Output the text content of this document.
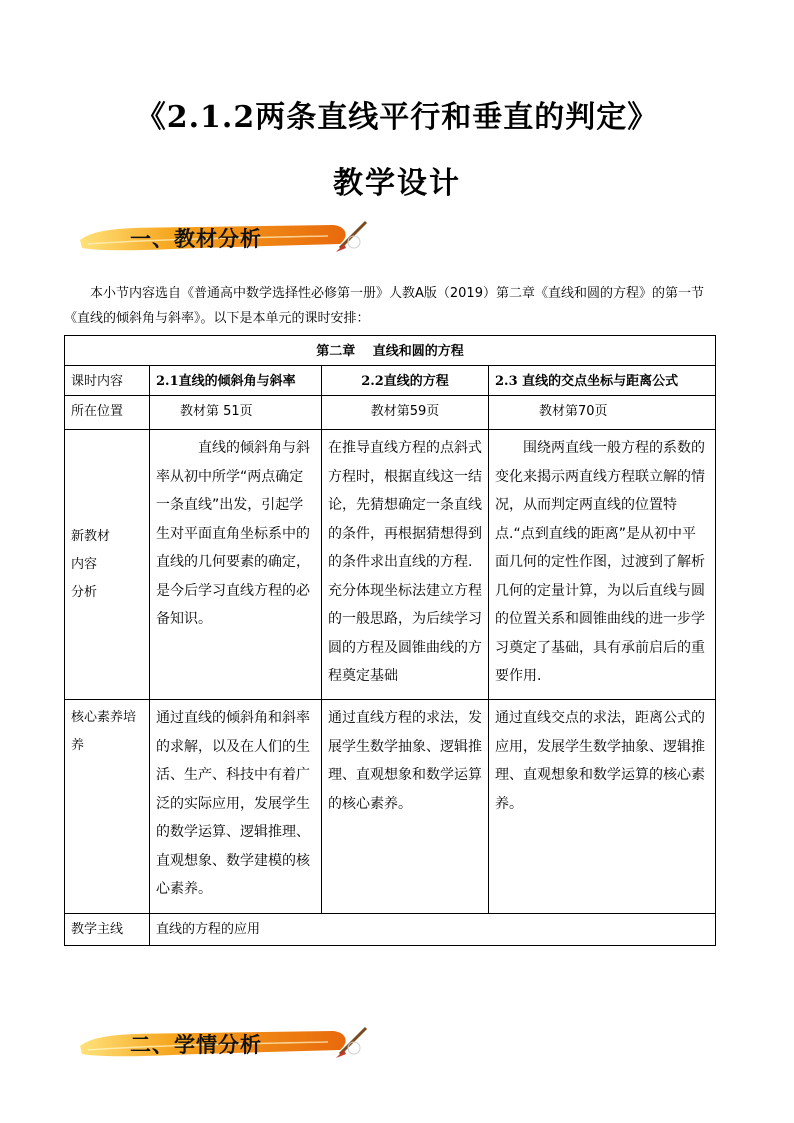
《2.1.2两条直线平行和垂直的判定》
教学设计
一、教材分析

本小节内容选自《普通高中数学选择性必修第一册》人教A版（2019）第二章《直线和圆的方程》的第一节《直线的倾斜角与斜率》。以下是本单元的课时安排：

第二章　 直线和圆的方程			
课时内容	2.1直线的倾斜角与斜率	2.2直线的方程	2.3 直线的交点坐标与距离公式
所在位置	教材第 51页	教材第59页	教材第70页

新教材
内容
分析	直线的倾斜角与斜率从初中所学“两点确定一条直线”出发，引起学生对平面直角坐标系中的直线的几何要素的确定，是今后学习直线方程的必备知识。	在推导直线方程的点斜式方程时，根据直线这一结论，先猜想确定一条直线的条件，再根据猜想得到的条件求出直线的方程.充分体现坐标法建立方程的一般思路，为后续学习圆的方程及圆锥曲线的方程奠定基础	围绕两直线一般方程的系数的变化来揭示两直线方程联立解的情况，从而判定两直线的位置特点.“点到直线的距离”是从初中平面几何的定性作图，过渡到了解析几何的定量计算，为以后直线与圆的位置关系和圆锥曲线的进一步学习奠定了基础，具有承前启后的重要作用.
核心素养培养	通过直线的倾斜角和斜率的求解，以及在人们的生活、生产、科技中有着广泛的实际应用，发展学生的数学运算、逻辑推理、直观想象、数学建模的核心素养。	通过直线方程的求法，发展学生数学抽象、逻辑推理、直观想象和数学运算的核心素养。	通过直线交点的求法，距离公式的应用，发展学生数学抽象、逻辑推理、直观想象和数学运算的核心素养。
教学主线	直线的方程的应用		
二、学情分析
